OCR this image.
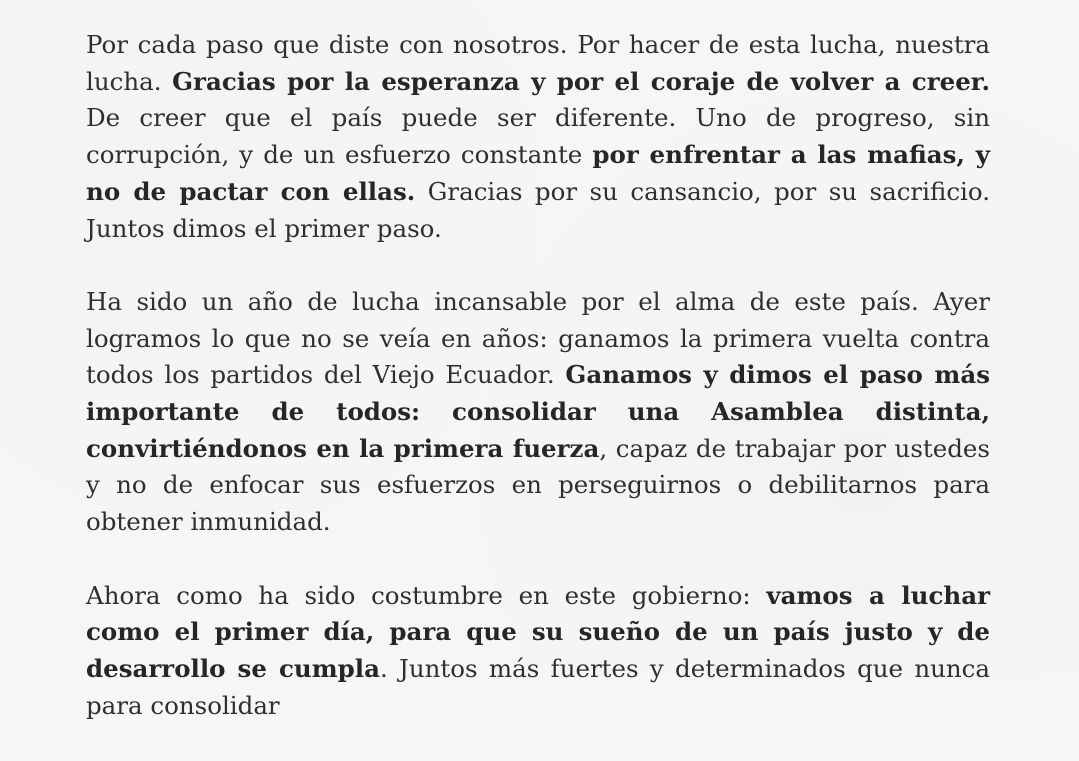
Por cada paso que diste con nosotros. Por hacer de esta lucha, nuestra lucha. Gracias por la esperanza y por el coraje de volver a creer. De creer que el país puede ser diferente. Uno de progreso, sin corrupción, y de un esfuerzo constante por enfrentar a las mafias, y no de pactar con ellas. Gracias por su cansancio, por su sacrificio. Juntos dimos el primer paso.

Ha sido un año de lucha incansable por el alma de este país. Ayer logramos lo que no se veía en años: ganamos la primera vuelta contra todos los partidos del Viejo Ecuador. Ganamos y dimos el paso más importante de todos: consolidar una Asamblea distinta, convirtiéndonos en la primera fuerza, capaz de trabajar por ustedes y no de enfocar sus esfuerzos en perseguirnos o debilitarnos para obtener inmunidad.

Ahora como ha sido costumbre en este gobierno: vamos a luchar como el primer día, para que su sueño de un país justo y de desarrollo se cumpla. Juntos más fuertes y determinados que nunca para consolidar
